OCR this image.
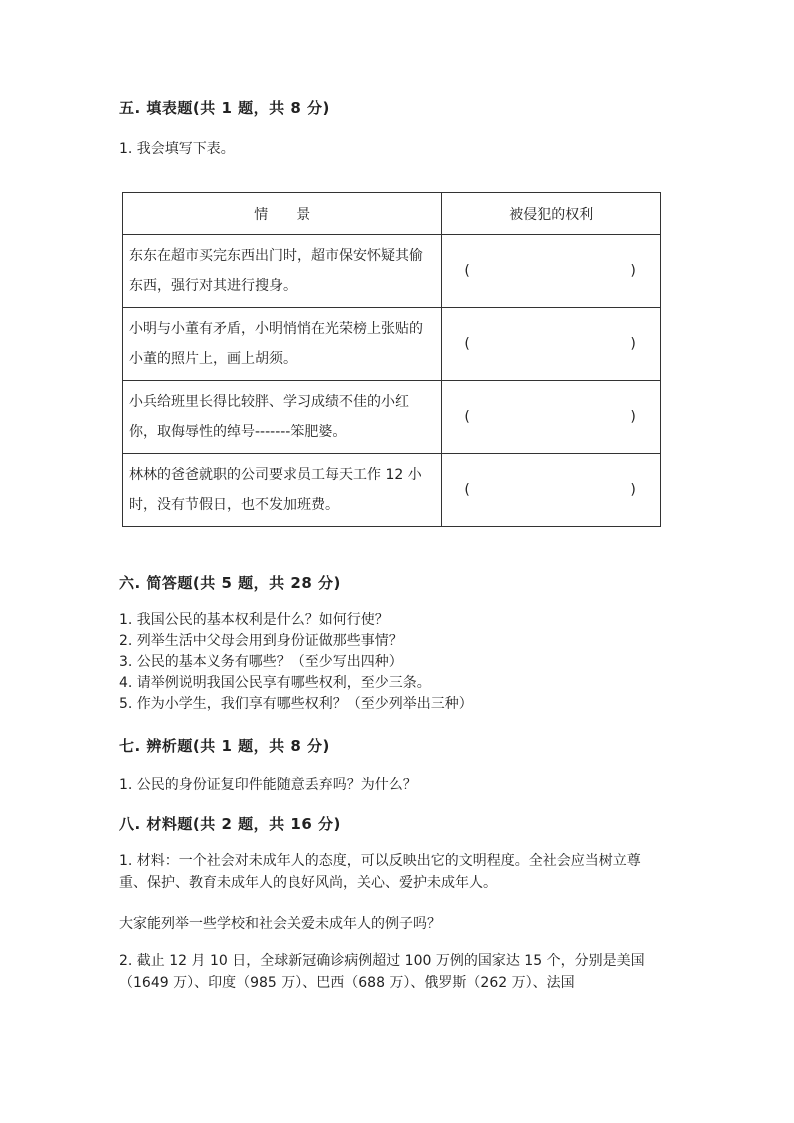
五. 填表题(共 1 题，共 8 分)
1. 我会填写下表。
情　　景	被侵犯的权利
东东在超市买完东西出门时，超市保安怀疑其偷东西，强行对其进行搜身。	( )

小明与小董有矛盾，小明悄悄在光荣榜上张贴的小董的照片上，画上胡须。	( )

小兵给班里长得比较胖、学习成绩不佳的小红你，取侮辱性的绰号-------笨肥婆。	( )

林林的爸爸就职的公司要求员工每天工作 12 小时，没有节假日，也不发加班费。	( )
六. 简答题(共 5 题，共 28 分)
1. 我国公民的基本权利是什么？如何行使？
2. 列举生活中父母会用到身份证做那些事情？
3. 公民的基本义务有哪些？（至少写出四种）
4. 请举例说明我国公民享有哪些权利，至少三条。
5. 作为小学生，我们享有哪些权利？（至少列举出三种）
七. 辨析题(共 1 题，共 8 分)
1. 公民的身份证复印件能随意丢弃吗？为什么？
八. 材料题(共 2 题，共 16 分)
1. 材料：一个社会对未成年人的态度，可以反映出它的文明程度。全社会应当树立尊重、保护、教育未成年人的良好风尚，关心、爱护未成年人。
大家能列举一些学校和社会关爱未成年人的例子吗？
2. 截止 12 月 10 日，全球新冠确诊病例超过 100 万例的国家达 15 个，分别是美国（1649 万）、印度（985 万）、巴西（688 万）、俄罗斯（262 万）、法国
